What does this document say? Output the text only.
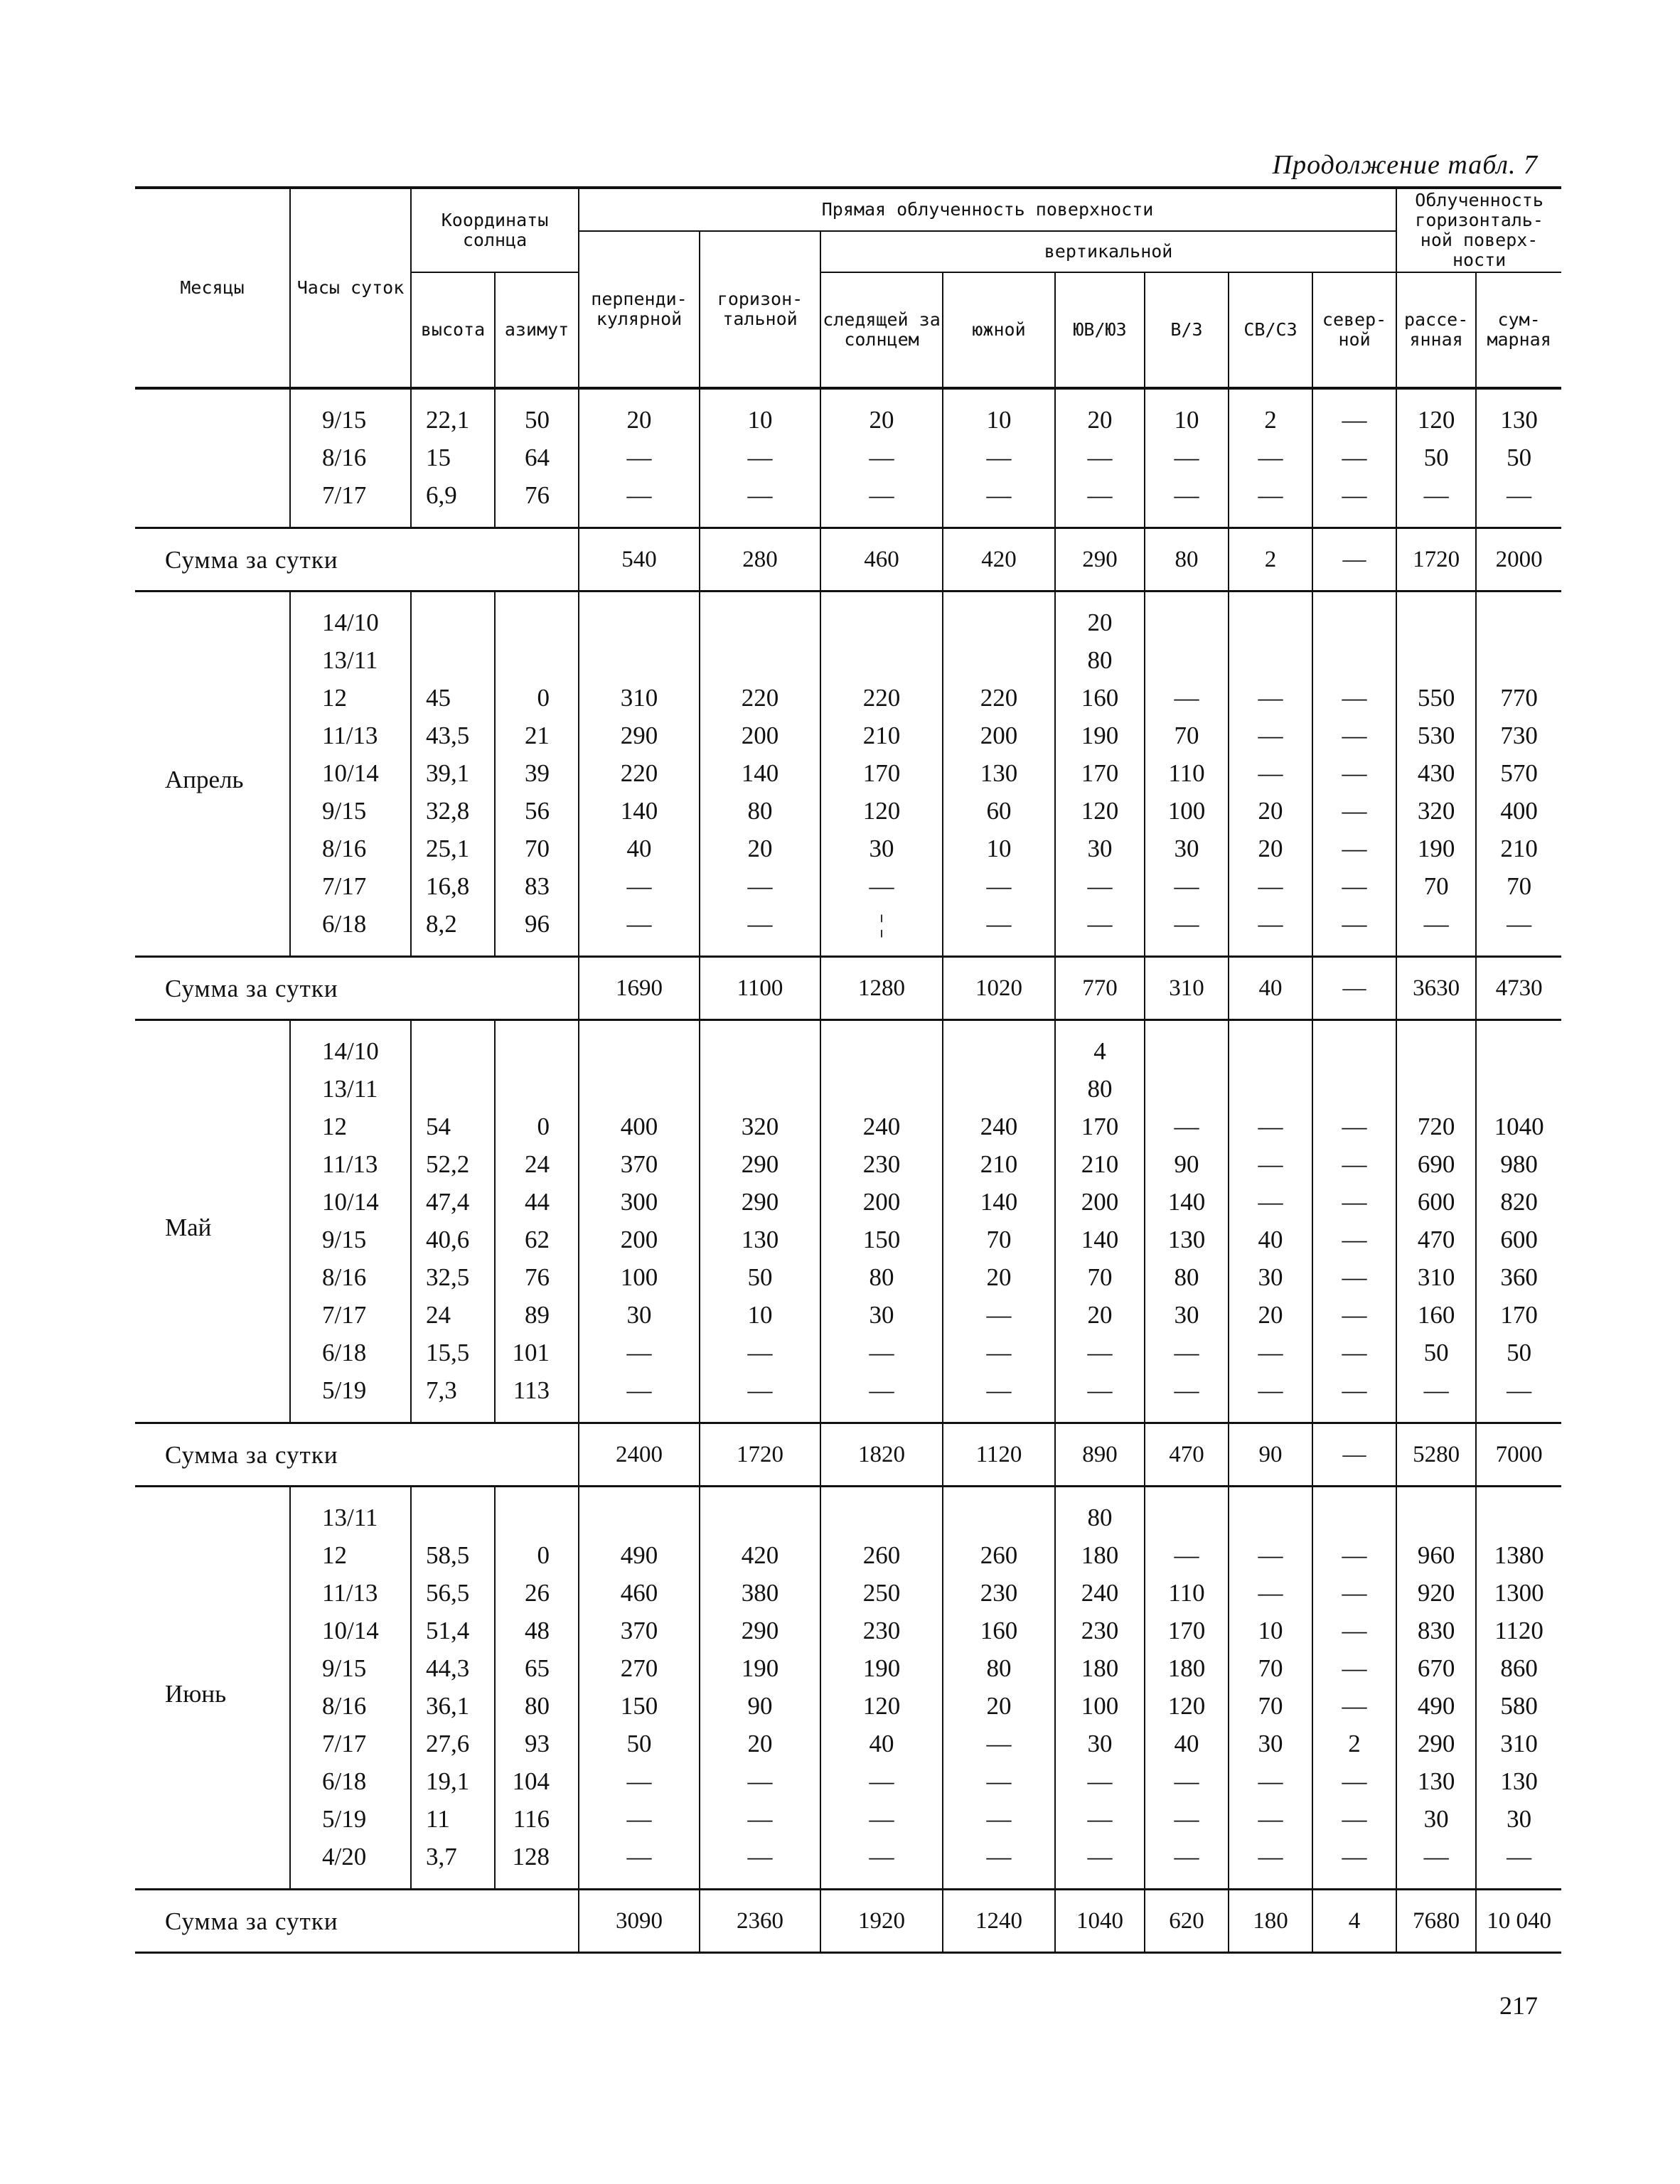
Продолжение табл. 7
Месяцы	Часы суток	Координаты солнца		Прямая облученность поверхности								Облученность горизонталь- ной поверх- ности	
				перпенди- кулярной	горизон- тальной	вертикальной							
		высота	азимут			следящей за солнцем	южной	ЮВ/ЮЗ	В/З	СВ/СЗ	север- ной	рассе- янная	сум- марная
	9/15	22,1	50	20	10	20	10	20	10	2	—	120	130
	8/16	15	64	—	—	—	—	—	—	—	—	50	50
	7/17	6,9	76	—	—	—	—	—	—	—	—	—	—
Сумма за сутки				540	280	460	420	290	80	2	—	1720	2000
Апрель	14/10							20					
	13/11							80					
	12	45	0	310	220	220	220	160	—	—	—	550	770
	11/13	43,5	21	290	200	210	200	190	70	—	—	530	730
	10/14	39,1	39	220	140	170	130	170	110	—	—	430	570
	9/15	32,8	56	140	80	120	60	120	100	20	—	320	400
	8/16	25,1	70	40	20	30	10	30	30	20	—	190	210
	7/17	16,8	83	—	—	—	—	—	—	—	—	70	70
	6/18	8,2	96	—	—	¦	—	—	—	—	—	—	—
Сумма за сутки				1690	1100	1280	1020	770	310	40	—	3630	4730
Май	14/10							4					
	13/11							80					
	12	54	0	400	320	240	240	170	—	—	—	720	1040
	11/13	52,2	24	370	290	230	210	210	90	—	—	690	980
	10/14	47,4	44	300	290	200	140	200	140	—	—	600	820
	9/15	40,6	62	200	130	150	70	140	130	40	—	470	600
	8/16	32,5	76	100	50	80	20	70	80	30	—	310	360
	7/17	24	89	30	10	30	—	20	30	20	—	160	170
	6/18	15,5	101	—	—	—	—	—	—	—	—	50	50
	5/19	7,3	113	—	—	—	—	—	—	—	—	—	—
Сумма за сутки				2400	1720	1820	1120	890	470	90	—	5280	7000
Июнь	13/11							80					
	12	58,5	0	490	420	260	260	180	—	—	—	960	1380
	11/13	56,5	26	460	380	250	230	240	110	—	—	920	1300
	10/14	51,4	48	370	290	230	160	230	170	10	—	830	1120
	9/15	44,3	65	270	190	190	80	180	180	70	—	670	860
	8/16	36,1	80	150	90	120	20	100	120	70	—	490	580
	7/17	27,6	93	50	20	40	—	30	40	30	2	290	310
	6/18	19,1	104	—	—	—	—	—	—	—	—	130	130
	5/19	11	116	—	—	—	—	—	—	—	—	30	30
	4/20	3,7	128	—	—	—	—	—	—	—	—	—	—
Сумма за сутки				3090	2360	1920	1240	1040	620	180	4	7680	10 040
217
